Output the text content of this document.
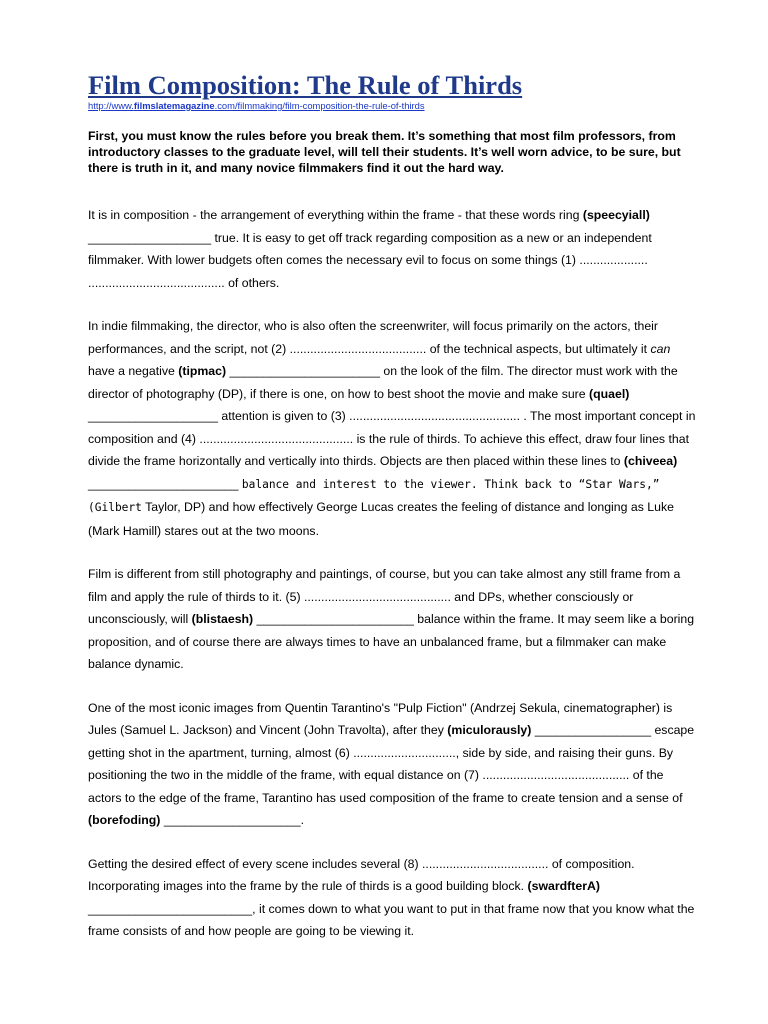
Film Composition: The Rule of Thirds
http://www.filmslatemagazine.com/filmmaking/film-composition-the-rule-of-thirds

First, you must know the rules before you break them. It’s something that most film professors, from introductory classes to the graduate level, will tell their students. It’s well worn advice, to be sure, but there is truth in it, and many novice filmmakers find it out the hard way.

It is in composition - the arrangement of everything within the frame - that these words ring (speecyiall) __________________ true. It is easy to get off track regarding composition as a new or an independent filmmaker. With lower budgets often comes the necessary evil to focus on some things (1) .................... ........................................ of others.

In indie filmmaking, the director, who is also often the screenwriter, will focus primarily on the actors, their performances, and the script, not (2) ........................................ of the technical aspects, but ultimately it can have a negative (tipmac) ______________________ on the look of the film. The director must work with the director of photography (DP), if there is one, on how to best shoot the movie and make sure (quael) ___________________ attention is given to (3) .................................................. . The most important concept in composition and (4) ............................................. is the rule of thirds. To achieve this effect, draw four lines that divide the frame horizontally and vertically into thirds. Objects are then placed within these lines to (chiveea) ______________________ balance and interest to the viewer. Think back to “Star Wars,” (Gilbert Taylor, DP) and how effectively George Lucas creates the feeling of distance and longing as Luke (Mark Hamill) stares out at the two moons.

Film is different from still photography and paintings, of course, but you can take almost any still frame from a film and apply the rule of thirds to it. (5) ........................................... and DPs, whether consciously or unconsciously, will (blistaesh) _______________________ balance within the frame. It may seem like a boring proposition, and of course there are always times to have an unbalanced frame, but a filmmaker can make balance dynamic.

One of the most iconic images from Quentin Tarantino's "Pulp Fiction" (Andrzej Sekula, cinematographer) is Jules (Samuel L. Jackson) and Vincent (John Travolta), after they (miculorausly) _________________ escape getting shot in the apartment, turning, almost (6) .............................., side by side, and raising their guns. By positioning the two in the middle of the frame, with equal distance on (7) ........................................... of the actors to the edge of the frame, Tarantino has used composition of the frame to create tension and a sense of (borefoding) ____________________.

Getting the desired effect of every scene includes several (8) ..................................... of composition. Incorporating images into the frame by the rule of thirds is a good building block. (swardfterA) ________________________, it comes down to what you want to put in that frame now that you know what the frame consists of and how people are going to be viewing it.
